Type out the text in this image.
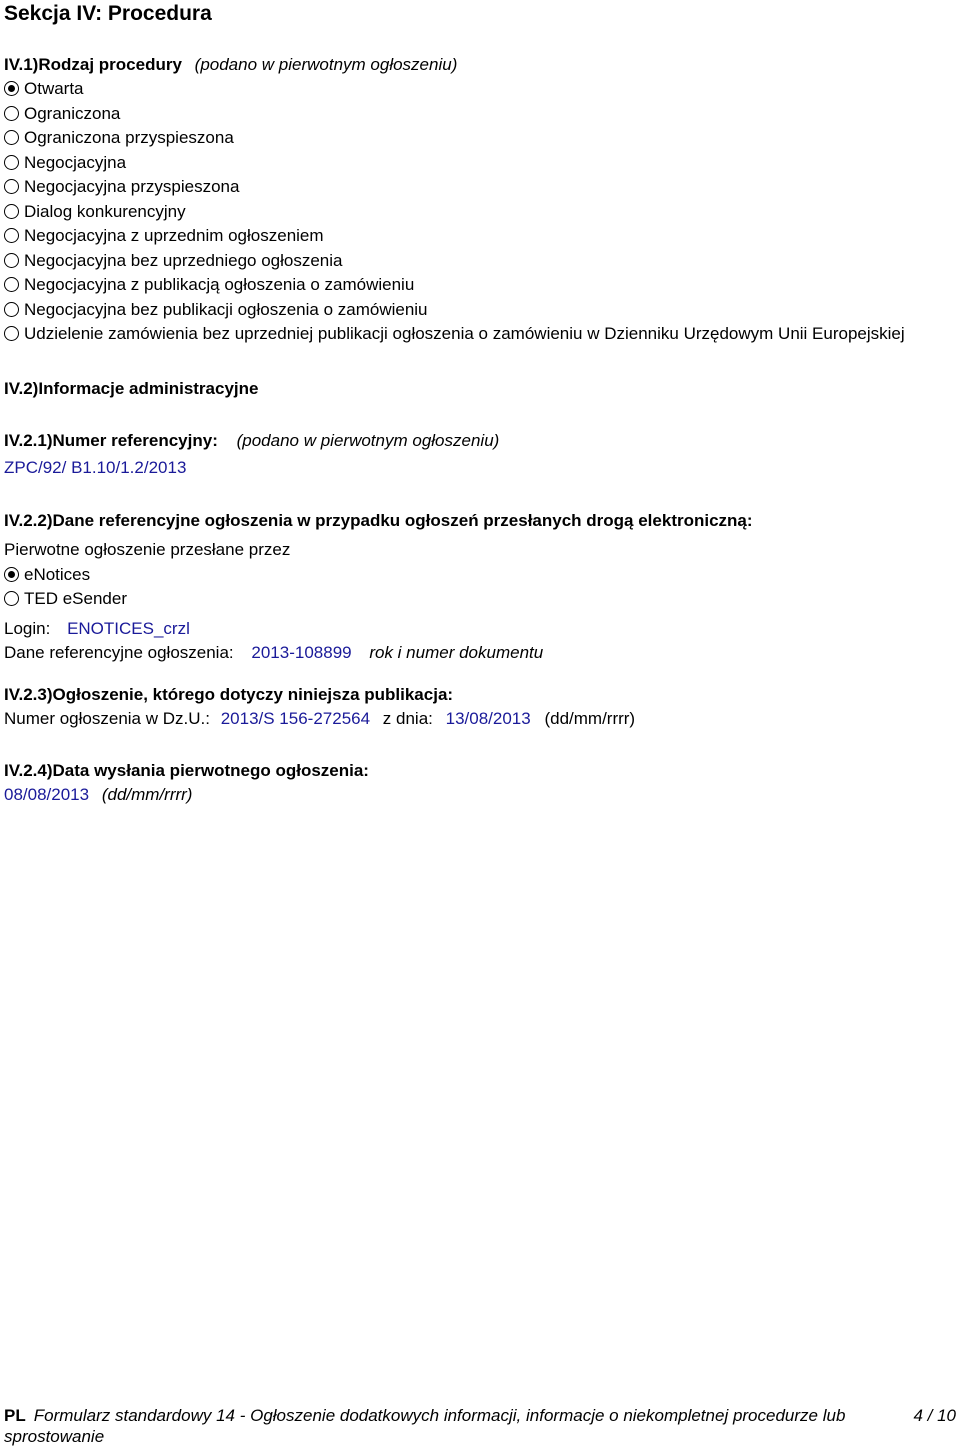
Sekcja IV: Procedura
IV.1)Rodzaj procedury (podano w pierwotnym ogłoszeniu)
Otwarta
Ograniczona
Ograniczona przyspieszona
Negocjacyjna
Negocjacyjna przyspieszona
Dialog konkurencyjny
Negocjacyjna z uprzednim ogłoszeniem
Negocjacyjna bez uprzedniego ogłoszenia
Negocjacyjna z publikacją ogłoszenia o zamówieniu
Negocjacyjna bez publikacji ogłoszenia o zamówieniu
Udzielenie zamówienia bez uprzedniej publikacji ogłoszenia o zamówieniu w Dzienniku Urzędowym Unii Europejskiej
IV.2)Informacje administracyjne
IV.2.1)Numer referencyjny: (podano w pierwotnym ogłoszeniu)
ZPC/92/ B1.10/1.2/2013
IV.2.2)Dane referencyjne ogłoszenia w przypadku ogłoszeń przesłanych drogą elektroniczną:
Pierwotne ogłoszenie przesłane przez
eNotices
TED eSender
Login: ENOTICES_crzl
Dane referencyjne ogłoszenia: 2013-108899 rok i numer dokumentu
IV.2.3)Ogłoszenie, którego dotyczy niniejsza publikacja:
Numer ogłoszenia w Dz.U.: 2013/S 156-272564 z dnia: 13/08/2013 (dd/mm/rrrr)
IV.2.4)Data wysłania pierwotnego ogłoszenia:
08/08/2013 (dd/mm/rrrr)
PL Formularz standardowy 14 - Ogłoszenie dodatkowych informacji, informacje o niekompletnej procedurze lub sprostowanie
4 / 10
